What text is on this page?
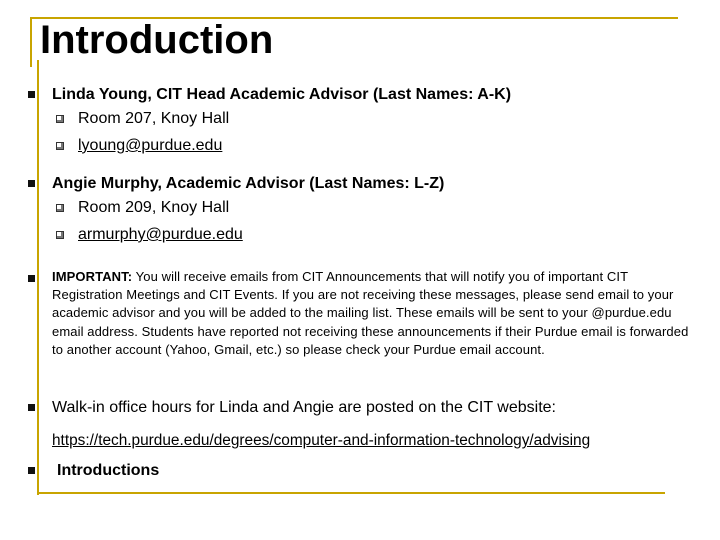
Introduction
Linda Young, CIT Head Academic Advisor (Last Names: A-K)
Room 207, Knoy Hall
lyoung@purdue.edu
Angie Murphy, Academic Advisor (Last Names: L-Z)
Room 209, Knoy Hall
armurphy@purdue.edu
IMPORTANT: You will receive emails from CIT Announcements that will notify you of important CIT Registration Meetings and CIT Events. If you are not receiving these messages, please send email to your academic advisor and you will be added to the mailing list. These emails will be sent to your @purdue.edu email address. Students have reported not receiving these announcements if their Purdue email is forwarded to another account (Yahoo, Gmail, etc.) so please check your Purdue email account.
Walk-in office hours for Linda and Angie are posted on the CIT website:
https://tech.purdue.edu/degrees/computer-and-information-technology/advising
Introductions
